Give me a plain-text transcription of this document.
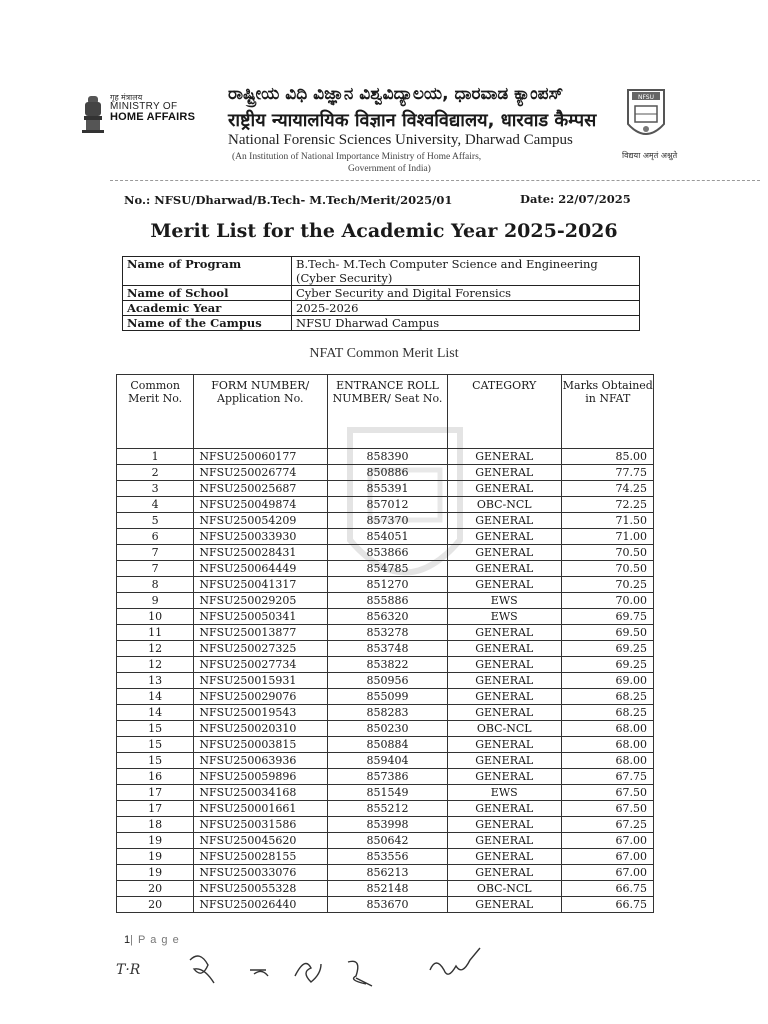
गृह मंत्रालय
MINISTRY OF
HOME AFFAIRS
ರಾಷ್ಟ್ರೀಯ ವಿಧಿ ವಿಜ್ಞಾನ ವಿಶ್ವವಿದ್ಯಾಲಯ, ಧಾರವಾಡ ಕ್ಯಾಂಪಸ್
राष्ट्रीय न्यायालयिक विज्ञान विश्वविद्यालय, धारवाड कैम्पस
National Forensic Sciences University, Dharwad Campus
(An Institution of National Importance Ministry of Home Affairs,
Government of India)
NFSU
विद्यया अमृतं अश्नुते
No.: NFSU/Dharwad/B.Tech- M.Tech/Merit/2025/01	Date: 22/07/2025
Merit List for the Academic Year 2025-2026
Name of Program	B.Tech- M.Tech Computer Science and Engineering (Cyber Security)
Name of School	Cyber Security and Digital Forensics
Academic Year	2025-2026
Name of the Campus	NFSU Dharwad Campus
NFAT Common Merit List
Common Merit No.	FORM NUMBER/ Application No.	ENTRANCE ROLL NUMBER/ Seat No.	CATEGORY	Marks Obtained in NFAT
1	NFSU250060177	858390	GENERAL	85.00
2	NFSU250026774	850886	GENERAL	77.75
3	NFSU250025687	855391	GENERAL	74.25
4	NFSU250049874	857012	OBC-NCL	72.25
5	NFSU250054209	857370	GENERAL	71.50
6	NFSU250033930	854051	GENERAL	71.00
7	NFSU250028431	853866	GENERAL	70.50
7	NFSU250064449	854785	GENERAL	70.50
8	NFSU250041317	851270	GENERAL	70.25
9	NFSU250029205	855886	EWS	70.00
10	NFSU250050341	856320	EWS	69.75
11	NFSU250013877	853278	GENERAL	69.50
12	NFSU250027325	853748	GENERAL	69.25
12	NFSU250027734	853822	GENERAL	69.25
13	NFSU250015931	850956	GENERAL	69.00
14	NFSU250029076	855099	GENERAL	68.25
14	NFSU250019543	858283	GENERAL	68.25
15	NFSU250020310	850230	OBC-NCL	68.00
15	NFSU250003815	850884	GENERAL	68.00
15	NFSU250063936	859404	GENERAL	68.00
16	NFSU250059896	857386	GENERAL	67.75
17	NFSU250034168	851549	EWS	67.50
17	NFSU250001661	855212	GENERAL	67.50
18	NFSU250031586	853998	GENERAL	67.25
19	NFSU250045620	850642	GENERAL	67.00
19	NFSU250028155	853556	GENERAL	67.00
19	NFSU250033076	856213	GENERAL	67.00
20	NFSU250055328	852148	OBC-NCL	66.75
20	NFSU250026440	853670	GENERAL	66.75
1| P a g e
T·R
